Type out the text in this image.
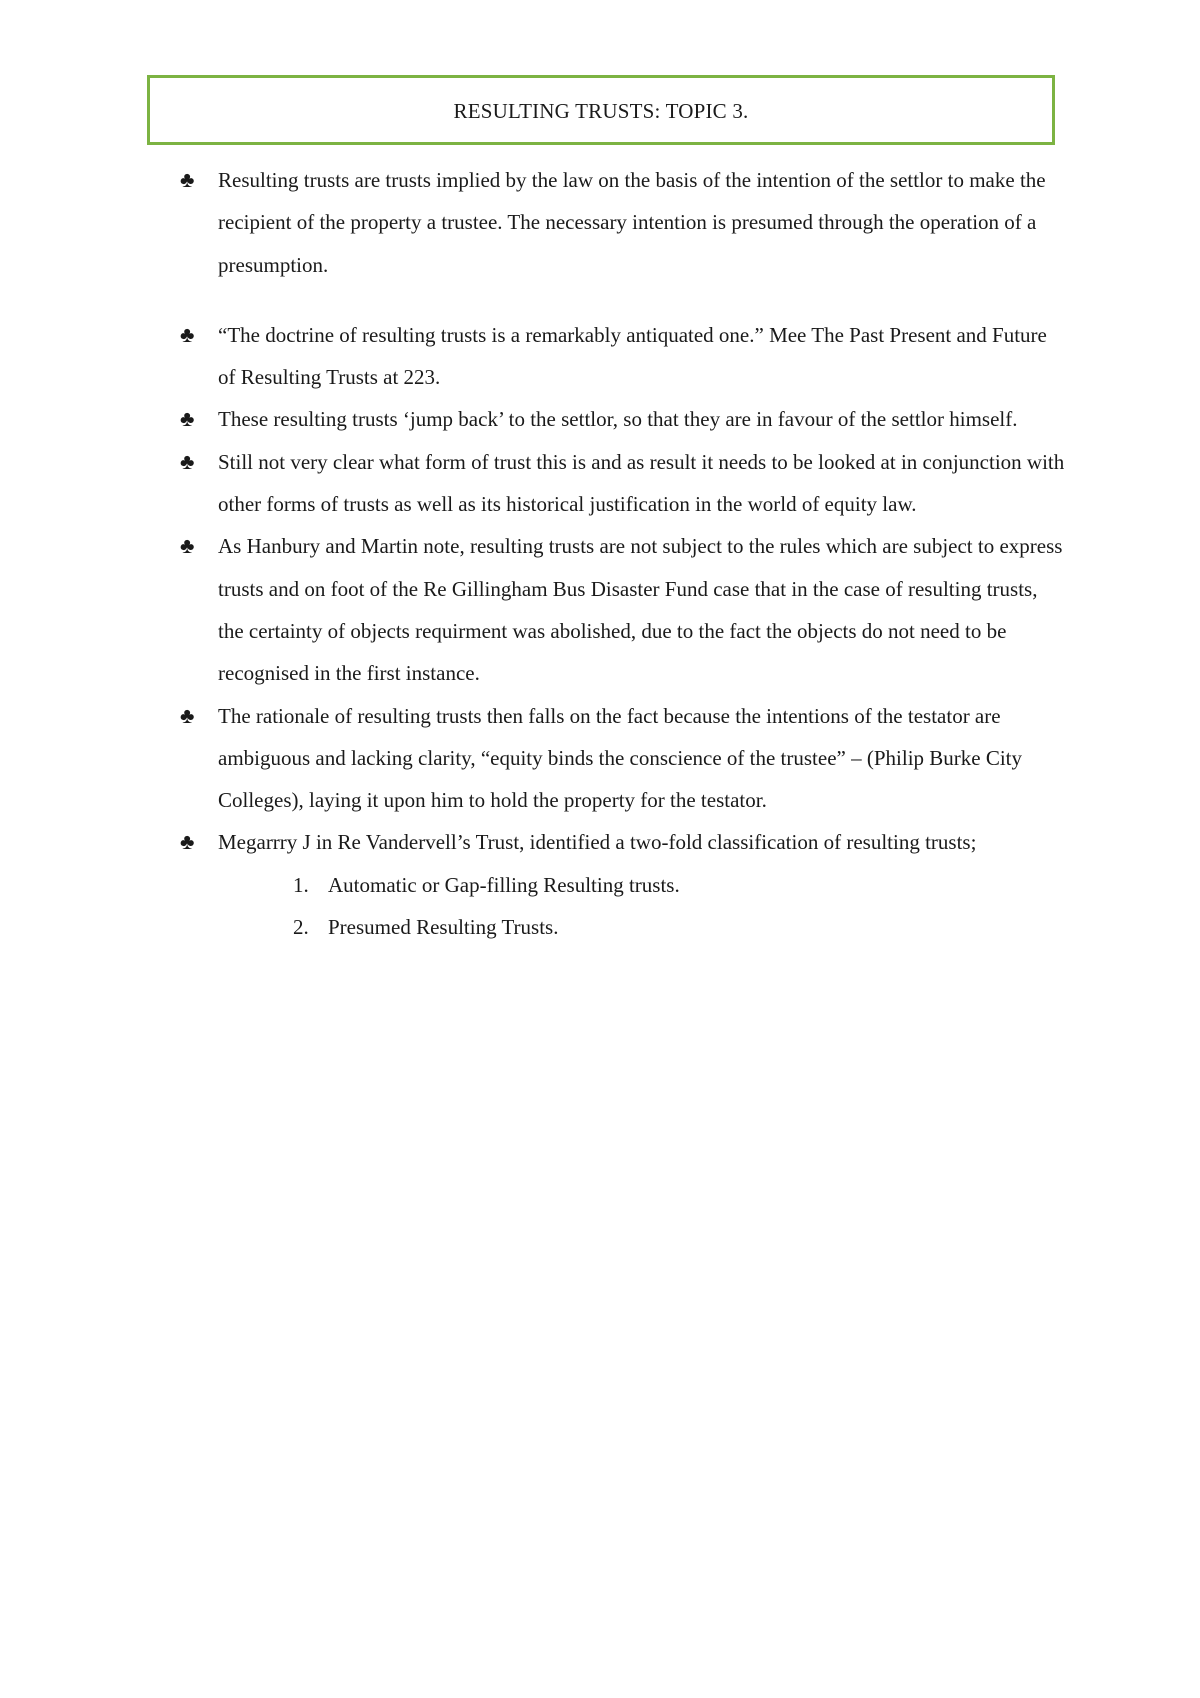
RESULTING TRUSTS: TOPIC 3.
♣ Resulting trusts are trusts implied by the law on the basis of the intention of the settlor to make the recipient of the property a trustee. The necessary intention is presumed through the operation of a presumption.
♣ “The doctrine of resulting trusts is a remarkably antiquated one.” Mee The Past Present and Future of Resulting Trusts at 223.
♣ These resulting trusts ‘jump back’ to the settlor, so that they are in favour of the settlor himself.
♣ Still not very clear what form of trust this is and as result it needs to be looked at in conjunction with other forms of trusts as well as its historical justification in the world of equity law.
♣ As Hanbury and Martin note, resulting trusts are not subject to the rules which are subject to express trusts and on foot of the Re Gillingham Bus Disaster Fund case that in the case of resulting trusts, the certainty of objects requirment was abolished, due to the fact the objects do not need to be recognised in the first instance.
♣ The rationale of resulting trusts then falls on the fact because the intentions of the testator are ambiguous and lacking clarity, “equity binds the conscience of the trustee” – (Philip Burke City Colleges), laying it upon him to hold the property for the testator.
♣ Megarrry J in Re Vandervell’s Trust, identified a two-fold classification of resulting trusts;
1. Automatic or Gap-filling Resulting trusts.
2. Presumed Resulting Trusts.
